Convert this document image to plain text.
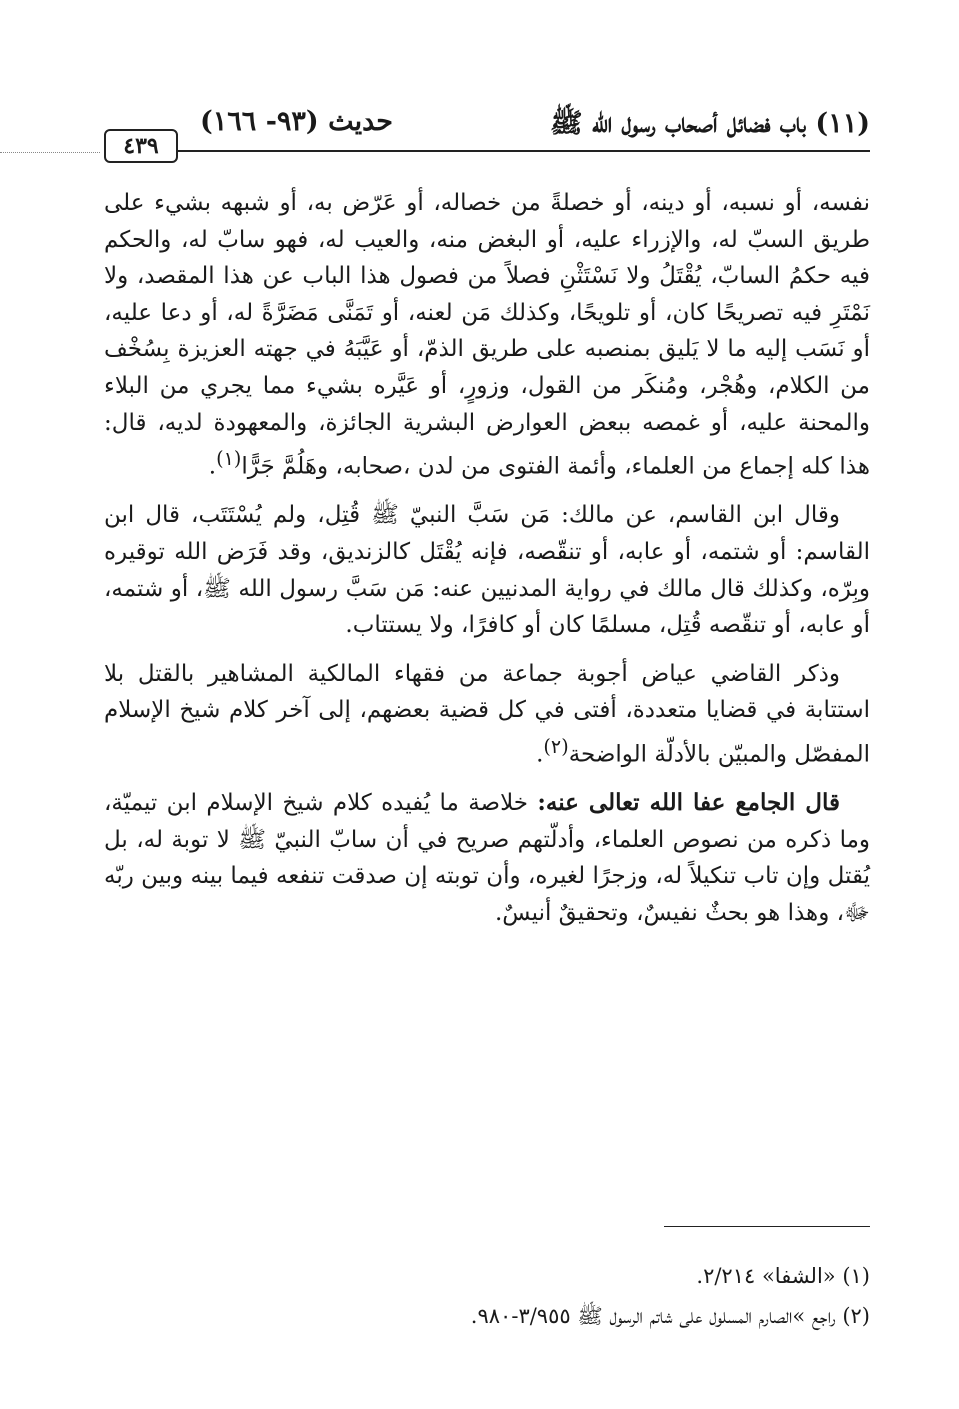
(١١) باب فضائل أصحاب رسول الله ﷺ
حديث (٩٣- ١٦٦)
٤٣٩

نفسه، أو نسبه، أو دينه، أو خصلةً من خصاله، أو عَرّض به، أو شبهه بشيء على طريق السبّ له، والإزراء عليه، أو البغض منه، والعيب له، فهو سابّ له، والحكم فيه حكمُ السابّ، يُقْتَلُ ولا نَسْتَثْنِ فصلاً من فصول هذا الباب عن هذا المقصد، ولا نَمْتَرِ فيه تصريحًا كان، أو تلويحًا، وكذلك مَن لعنه، أو تَمَنَّى مَضَرَّةً له، أو دعا عليه، أو نَسَب إليه ما لا يَليق بمنصبه على طريق الذمّ، أو عَيَّبَهُ في جهته العزيزة بِسُخْف من الكلام، وهُجْر، ومُنكَر من القول، وزورٍ، أو عَيَّره بشيء مما يجري من البلاء والمحنة عليه، أو غمصه ببعض العوارض البشرية الجائزة، والمعهودة لديه، قال: هذا كله إجماع من العلماء، وأئمة الفتوى من لدن ،صحابه، وهَلُمَّ جَرًّا$^{(١)}$.

وقال ابن القاسم، عن مالك: مَن سَبَّ النبيّ ﷺ قُتِل، ولم يُسْتَتَب، قال ابن القاسم: أو شتمه، أو عابه، أو تنقّصه، فإنه يُقْتَل كالزنديق، وقد فَرَض الله توقيره وبِرّه، وكذلك قال مالك في رواية المدنيين عنه: مَن سَبَّ رسول الله ﷺ، أو شتمه، أو عابه، أو تنقّصه قُتِل، مسلمًا كان أو كافرًا، ولا يستتاب.

وذكر القاضي عياض أجوبة جماعة من فقهاء المالكية المشاهير بالقتل بلا استتابة في قضايا متعددة، أفتى في كل قضية بعضهم، إلى آخر كلام شيخ الإسلام المفصّل والمبيّن بالأدلّة الواضحة$^{(٢)}$.

قال الجامع عفا الله تعالى عنه: خلاصة ما يُفيده كلام شيخ الإسلام ابن تيميّة، وما ذكره من نصوص العلماء، وأدلّتهم صريح في أن سابّ النبيّ ﷺ لا توبة له، بل يُقتل وإن تاب تنكيلاً له، وزجرًا لغيره، وأن توبته إن صدقت تنفعه فيما بينه وبين ربّه ﷻ، وهذا هو بحثٌ نفيسٌ، وتحقيقٌ أنيسٌ.

(١) «الشفا» ٢/٢١٤.
(٢) راجع »الصارم المسلول على شاتم الرسول ﷺ ٣/٩٥٥-٩٨٠.
